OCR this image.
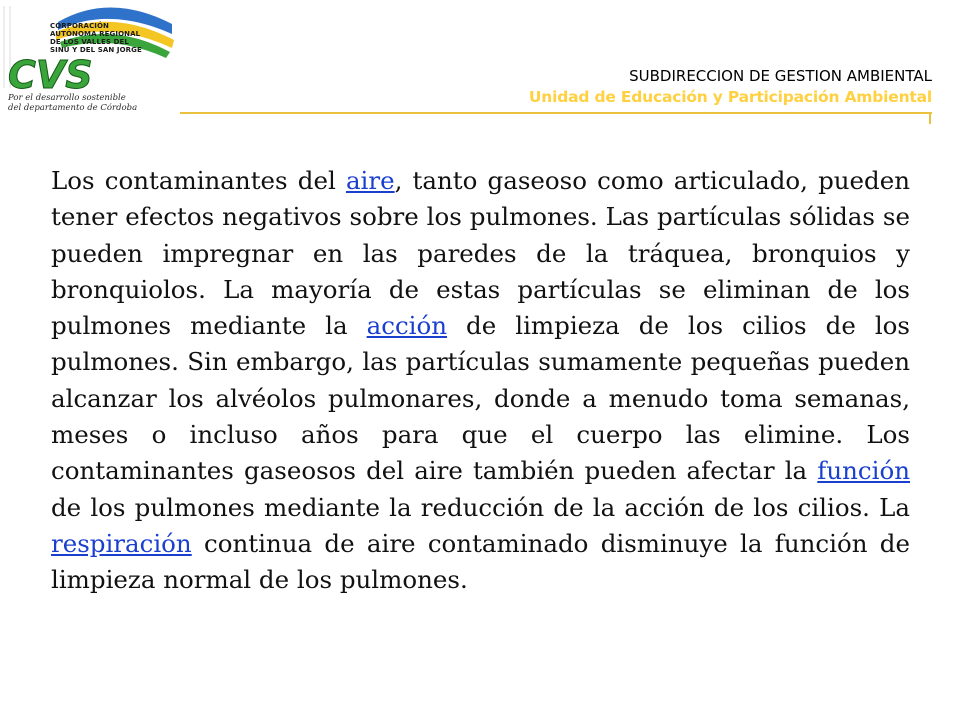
CVS
CORPORACIÓN
AUTÓNOMA REGIONAL
DE LOS VALLES DEL
SINÚ Y DEL SAN JORGE
Por el desarrollo sostenible
del departamento de Córdoba
SUBDIRECCION DE GESTION AMBIENTAL
Unidad de Educación y Participación Ambiental

Los contaminantes del aire, tanto gaseoso como articulado, pueden tener efectos negativos sobre los pulmones. Las partículas sólidas se pueden impregnar en las paredes de la tráquea, bronquios y bronquiolos. La mayoría de estas partículas se eliminan de los pulmones mediante la acción de limpieza de los cilios de los pulmones. Sin embargo, las partículas sumamente pequeñas pueden alcanzar los alvéolos pulmonares, donde a menudo toma semanas, meses o incluso años para que el cuerpo las elimine. Los contaminantes gaseosos del aire también pueden afectar la función de los pulmones mediante la reducción de la acción de los cilios. La respiración continua de aire contaminado disminuye la función de limpieza normal de los pulmones.
